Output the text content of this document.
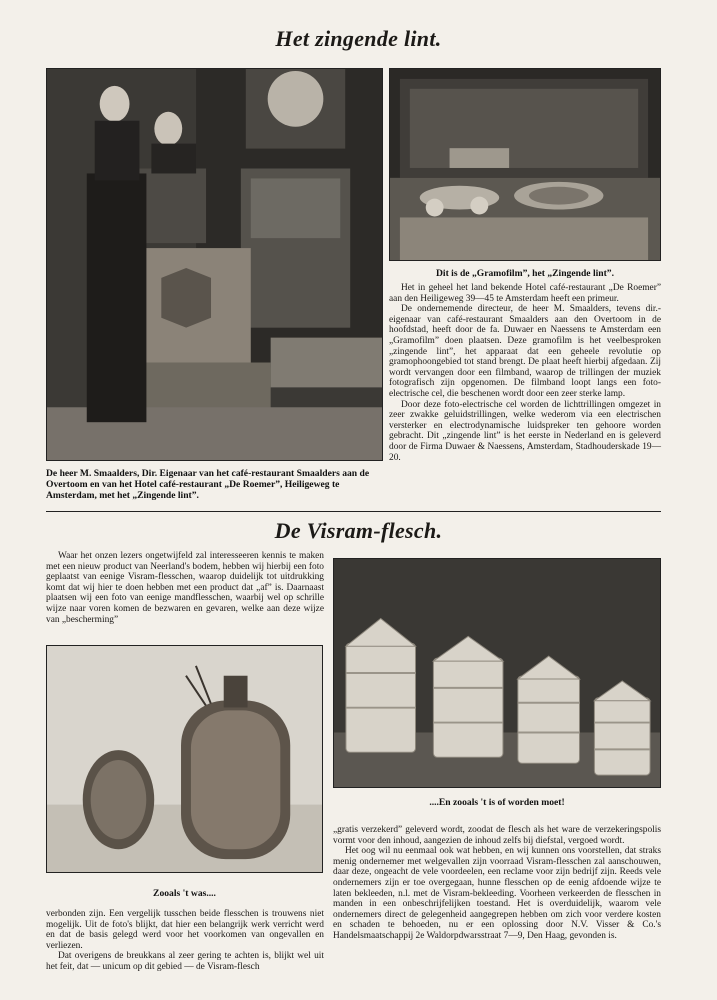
Het zingende lint.
Dit is de „Gramofilm”, het „Zingende lint”.

Het in geheel het land bekende Hotel café-restaurant „De Roemer” aan den Heiligeweg 39—45 te Amsterdam heeft een primeur.

De ondernemende directeur, de heer M. Smaalders, tevens dir.-eigenaar van café-restaurant Smaalders aan den Overtoom in de hoofdstad, heeft door de fa. Duwaer en Naessens te Amsterdam een „Gramofilm” doen plaatsen. Deze gramofilm is het veelbesproken „zingende lint”, het apparaat dat een geheele revolutie op gramophoongebied tot stand brengt. De plaat heeft hierbij afgedaan. Zij wordt vervangen door een filmband, waarop de trillingen der muziek fotografisch zijn opgenomen. De filmband loopt langs een foto-electrische cel, die beschenen wordt door een zeer sterke lamp.

Door deze foto-electrische cel worden de lichttrillingen omgezet in zeer zwakke geluidstrillingen, welke wederom via een electrischen versterker en electrodynamische luidspreker ten gehoore worden gebracht. Dit „zingende lint” is het eerste in Nederland en is geleverd door de Firma Duwaer & Naessens, Amsterdam, Stadhouderskade 19—20.

De heer M. Smaalders, Dir. Eigenaar van het café-restaurant Smaalders aan de Overtoom en van het Hotel café-restaurant „De Roemer”, Heiligeweg te Amsterdam, met het „Zingende lint”.
De Visram-flesch.

Waar het onzen lezers ongetwijfeld zal interesseeren kennis te maken met een nieuw product van Neerland's bodem, hebben wij hierbij een foto geplaatst van eenige Visram-flesschen, waarop duidelijk tot uitdrukking komt dat wij hier te doen hebben met een product dat „af” is. Daarnaast plaatsen wij een foto van eenige mandflesschen, waarbij wel op schrille wijze naar voren komen de bezwaren en gevaren, welke aan deze wijze van „bescherming”

Zooals 't was....
....En zooals 't is of worden moet!

verbonden zijn. Een vergelijk tusschen beide flesschen is trouwens niet mogelijk. Uit de foto's blijkt, dat hier een belangrijk werk verricht werd en dat de basis gelegd werd voor het voorkomen van ongevallen en verliezen.

Dat overigens de breukkans al zeer gering te achten is, blijkt wel uit het feit, dat — unicum op dit gebied — de Visram-flesch

„gratis verzekerd” geleverd wordt, zoodat de flesch als het ware de verzekeringspolis vormt voor den inhoud, aangezien de inhoud zelfs bij diefstal, vergoed wordt.

Het oog wil nu eenmaal ook wat hebben, en wij kunnen ons voorstellen, dat straks menig ondernemer met welgevallen zijn voorraad Visram-flesschen zal aanschouwen, daar deze, ongeacht de vele voordeelen, een reclame voor zijn bedrijf zijn. Reeds vele ondernemers zijn er toe overgegaan, hunne flesschen op de eenig afdoende wijze te laten bekleeden, n.l. met de Visram-bekleeding. Voorheen verkeerden de flesschen in manden in een onbeschrijfelijken toestand. Het is overduidelijk, waarom vele ondernemers direct de gelegenheid aangegrepen hebben om zich voor verdere kosten en schaden te behoeden, nu er een oplossing door N.V. Visser & Co.'s Handelsmaatschappij 2e Waldorpdwarsstraat 7—9, Den Haag, gevonden is.
